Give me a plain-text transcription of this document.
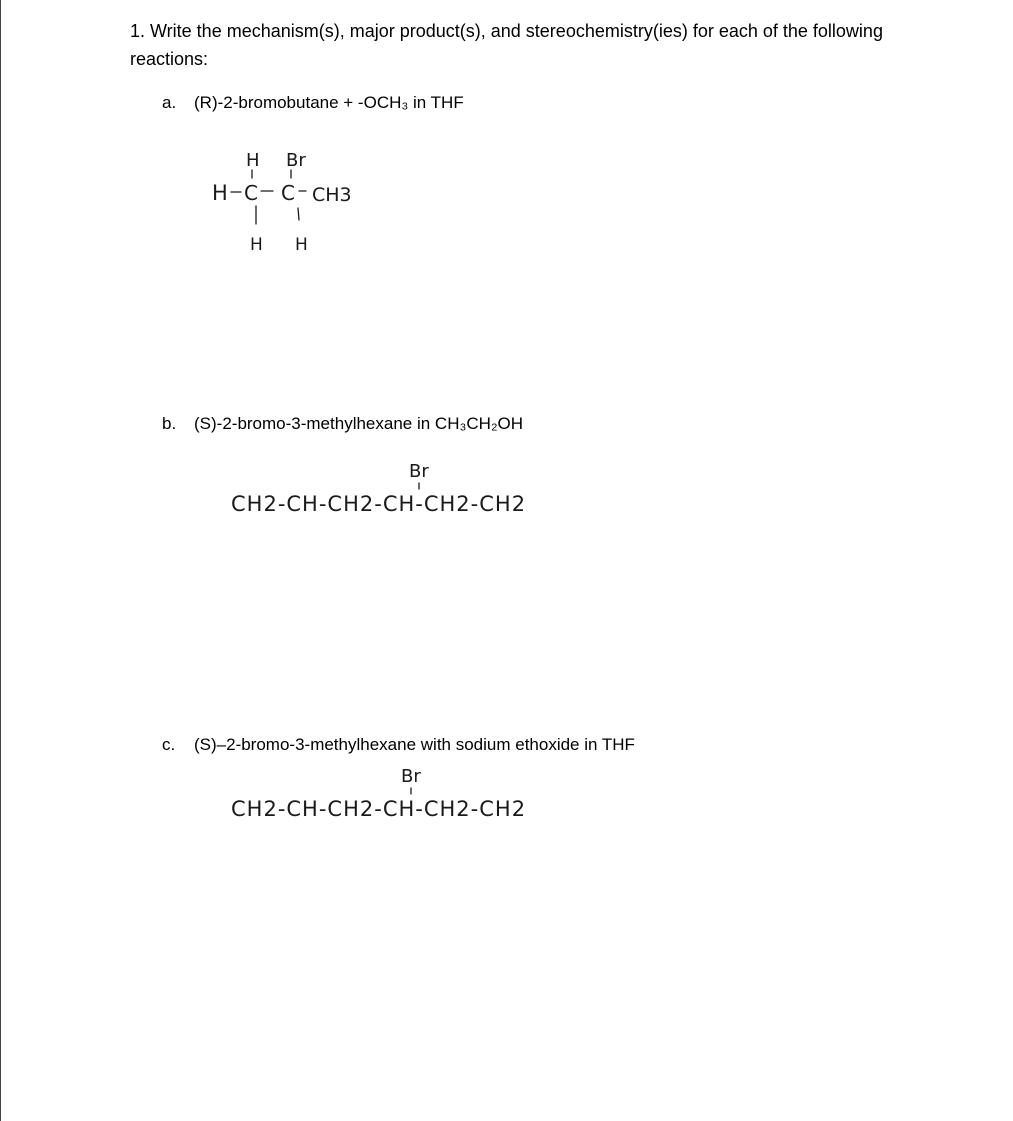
1. Write the mechanism(s), major product(s), and stereochemistry(ies) for each of the following reactions:
a. (R)-2-bromobutane + -OCH₃ in THF
H Br
H C C CH3
H H
b. (S)-2-bromo-3-methylhexane in CH₃CH₂OH
Br
CH2-CH-CH2-CH-CH2-CH2
c. (S)–2-bromo-3-methylhexane with sodium ethoxide in THF
Br
CH2-CH-CH2-CH-CH2-CH2
